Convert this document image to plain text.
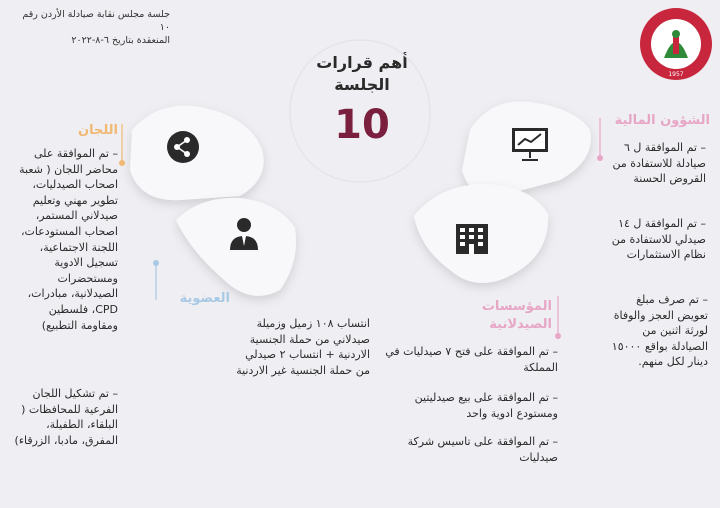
جلسة مجلس نقابة صيادلة الأردن رقم ١٠
المنعقدة بتاريخ ٦-٨-٢٠٢٢
1957
أهم قرارات
الجلسة
10	الشؤون المالية
– تم الموافقة ل ٦ صيادلة للاستفادة من القروض الحسنة
– تم الموافقة ل ١٤ صيدلي للاستفادة من نظام الاستثمارات
– تم صرف مبلغ تعويض العجز والوفاة لورثة اثنين من الصيادلة بواقع ١٥٠٠٠ دينار لكل منهم.
اللجان
– تم الموافقة على محاضر اللجان ( شعبة اصحاب الصيدليات، تطوير مهني وتعليم صيدلاني المستمر، اصحاب المستودعات، اللجنة الاجتماعية، تسجيل الادوية ومستحضرات الصيدلانية، مبادرات، CPD، فلسطين ومقاومة التطبيع)
– تم تشكيل اللجان الفرعية للمحافظات ( البلقاء، الطفيلة، المفرق، مادبا، الزرقاء)
العضوية
انتساب ١٠٨ زميل وزميلة صيدلاني من حملة الجنسية الاردنية + انتساب ٢ صيدلي من حملة الجنسية غير الاردنية
المؤسسات الصيدلانية
– تم الموافقة على فتح ٧ صيدليات في المملكة
– تم الموافقة على بيع صيدليتين ومستودع ادوية واحد
– تم الموافقة على تاسيس شركة صيدليات
